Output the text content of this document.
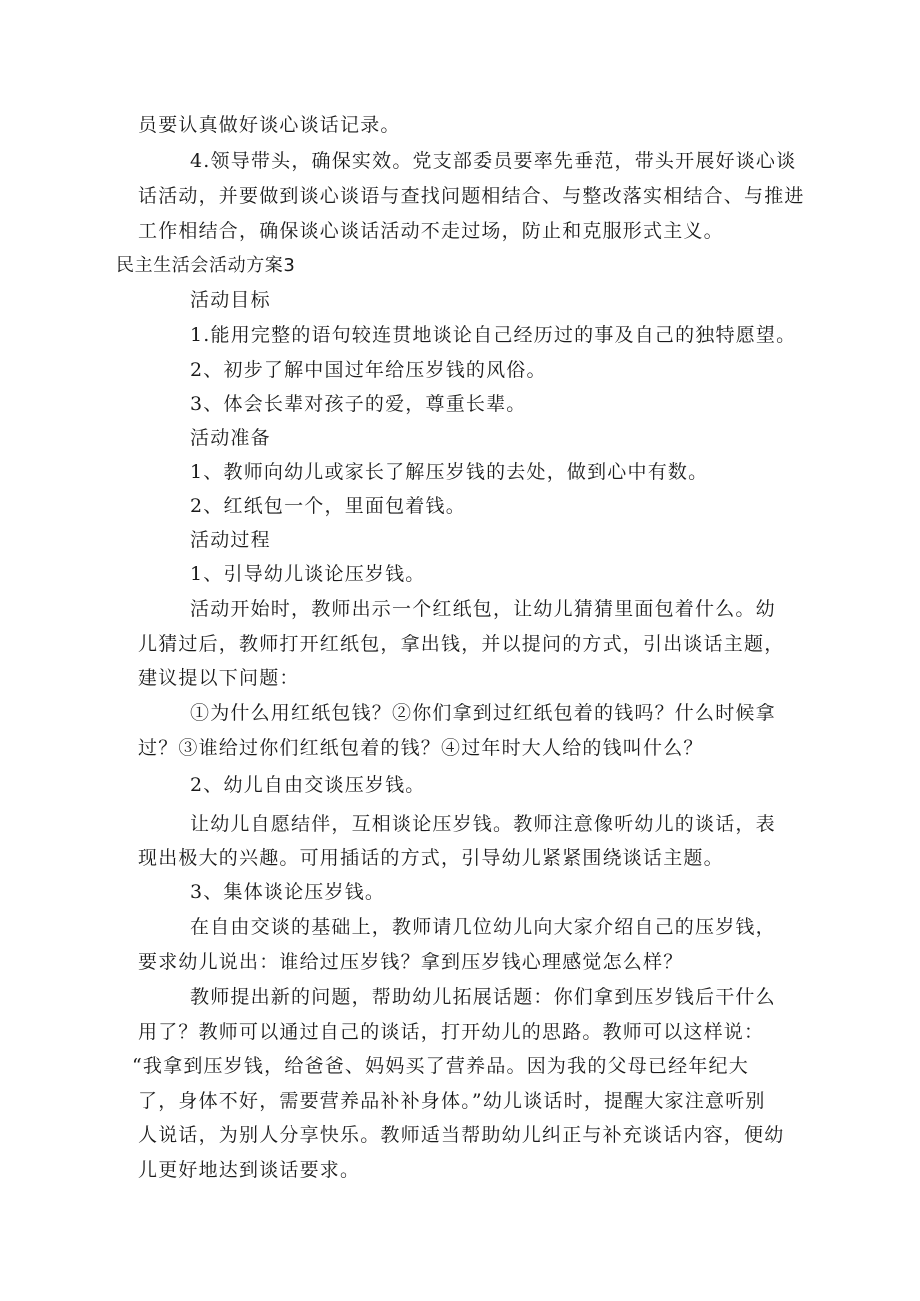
员要认真做好谈心谈话记录。
4.领导带头，确保实效。党支部委员要率先垂范，带头开展好谈心谈
话活动，并要做到谈心谈语与查找问题相结合、与整改落实相结合、与推进
工作相结合，确保谈心谈话活动不走过场，防止和克服形式主义。
民主生活会活动方案3
活动目标
1.能用完整的语句较连贯地谈论自己经历过的事及自己的独特愿望。
2、初步了解中国过年给压岁钱的风俗。
3、体会长辈对孩子的爱，尊重长辈。
活动准备
1、教师向幼儿或家长了解压岁钱的去处，做到心中有数。
2、红纸包一个，里面包着钱。
活动过程
1、引导幼儿谈论压岁钱。
活动开始时，教师出示一个红纸包，让幼儿猜猜里面包着什么。幼
儿猜过后，教师打开红纸包，拿出钱，并以提问的方式，引出谈话主题，
建议提以下问题：
①为什么用红纸包钱？②你们拿到过红纸包着的钱吗？什么时候拿
过？③谁给过你们红纸包着的钱？④过年时大人给的钱叫什么？
2、幼儿自由交谈压岁钱。
让幼儿自愿结伴，互相谈论压岁钱。教师注意像听幼儿的谈话，表
现出极大的兴趣。可用插话的方式，引导幼儿紧紧围绕谈话主题。
3、集体谈论压岁钱。
在自由交谈的基础上，教师请几位幼儿向大家介绍自己的压岁钱，
要求幼儿说出：谁给过压岁钱？拿到压岁钱心理感觉怎么样？
教师提出新的问题，帮助幼儿拓展话题：你们拿到压岁钱后干什么
用了？教师可以通过自己的谈话，打开幼儿的思路。教师可以这样说：
“我拿到压岁钱，给爸爸、妈妈买了营养品。因为我的父母已经年纪大
了，身体不好，需要营养品补补身体。”幼儿谈话时，提醒大家注意听别
人说话，为别人分享快乐。教师适当帮助幼儿纠正与补充谈话内容，便幼
儿更好地达到谈话要求。
